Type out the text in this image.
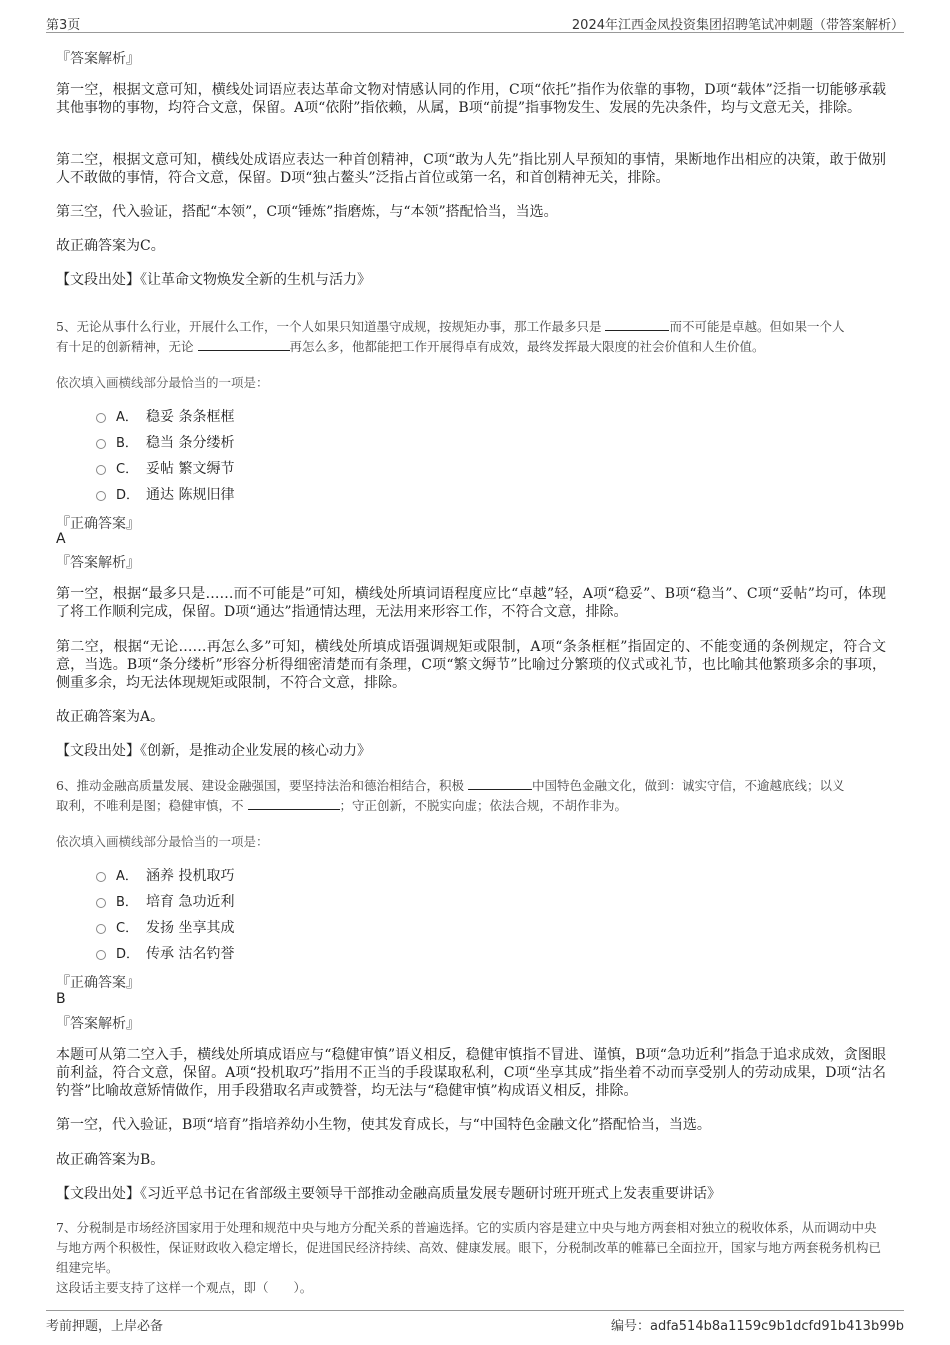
第3页	2024年江西金凤投资集团招聘笔试冲刺题（带答案解析）
『答案解析』
第一空，根据文意可知，横线处词语应表达革命文物对情感认同的作用，C项“依托”指作为依靠的事物，D项“载体”泛指一切能够承载其他事物的事物，均符合文意，保留。A项“依附”指依赖，从属，B项“前提”指事物发生、发展的先决条件，均与文意无关，排除。
第二空，根据文意可知，横线处成语应表达一种首创精神，C项“敢为人先”指比别人早预知的事情，果断地作出相应的决策，敢于做别人不敢做的事情，符合文意，保留。D项“独占鳌头”泛指占首位或第一名，和首创精神无关，排除。
第三空，代入验证，搭配“本领”，C项“锤炼”指磨炼，与“本领”搭配恰当，当选。
故正确答案为C。
【文段出处】《让革命文物焕发全新的生机与活力》
5、无论从事什么行业，开展什么工作，一个人如果只知道墨守成规，按规矩办事，那工作最多只是	而不可能是卓越。但如果一个人
有十足的创新精神，无论	再怎么多，他都能把工作开展得卓有成效，最终发挥最大限度的社会价值和人生价值。
依次填入画横线部分最恰当的一项是：
A． 稳妥 条条框框
B． 稳当 条分缕析
C． 妥帖 繁文缛节
D． 通达 陈规旧律
『正确答案』
A
『答案解析』
第一空，根据“最多只是……而不可能是”可知，横线处所填词语程度应比“卓越”轻，A项“稳妥”、B项“稳当”、C项“妥帖”均可，体现了将工作顺利完成，保留。D项“通达”指通情达理，无法用来形容工作，不符合文意，排除。
第二空，根据“无论……再怎么多”可知，横线处所填成语强调规矩或限制，A项“条条框框”指固定的、不能变通的条例规定，符合文意，当选。B项“条分缕析”形容分析得细密清楚而有条理，C项“繁文缛节”比喻过分繁琐的仪式或礼节，也比喻其他繁琐多余的事项，侧重多余，均无法体现规矩或限制，不符合文意，排除。
故正确答案为A。
【文段出处】《创新，是推动企业发展的核心动力》
6、推动金融高质量发展、建设金融强国，要坚持法治和德治相结合，积极	中国特色金融文化，做到：诚实守信，不逾越底线；以义
取利，不唯利是图；稳健审慎，不	；守正创新，不脱实向虚；依法合规，不胡作非为。
依次填入画横线部分最恰当的一项是：
A． 涵养 投机取巧
B． 培育 急功近利
C． 发扬 坐享其成
D． 传承 沽名钓誉
『正确答案』
B
『答案解析』
本题可从第二空入手，横线处所填成语应与“稳健审慎”语义相反，稳健审慎指不冒进、谨慎，B项“急功近利”指急于追求成效，贪图眼前利益，符合文意，保留。A项“投机取巧”指用不正当的手段谋取私利，C项“坐享其成”指坐着不动而享受别人的劳动成果，D项“沽名钓誉”比喻故意矫情做作，用手段猎取名声或赞誉，均无法与“稳健审慎”构成语义相反，排除。
第一空，代入验证，B项“培育”指培养幼小生物，使其发育成长，与“中国特色金融文化”搭配恰当，当选。
故正确答案为B。
【文段出处】《习近平总书记在省部级主要领导干部推动金融高质量发展专题研讨班开班式上发表重要讲话》
7、分税制是市场经济国家用于处理和规范中央与地方分配关系的普遍选择。它的实质内容是建立中央与地方两套相对独立的税收体系，从而调动中央与地方两个积极性，保证财政收入稳定增长，促进国民经济持续、高效、健康发展。眼下，分税制改革的帷幕已全面拉开，国家与地方两套税务机构已组建完毕。
这段话主要支持了这样一个观点，即（　　）。
考前押题，上岸必备	编号：adfa514b8a1159c9b1dcfd91b413b99b
